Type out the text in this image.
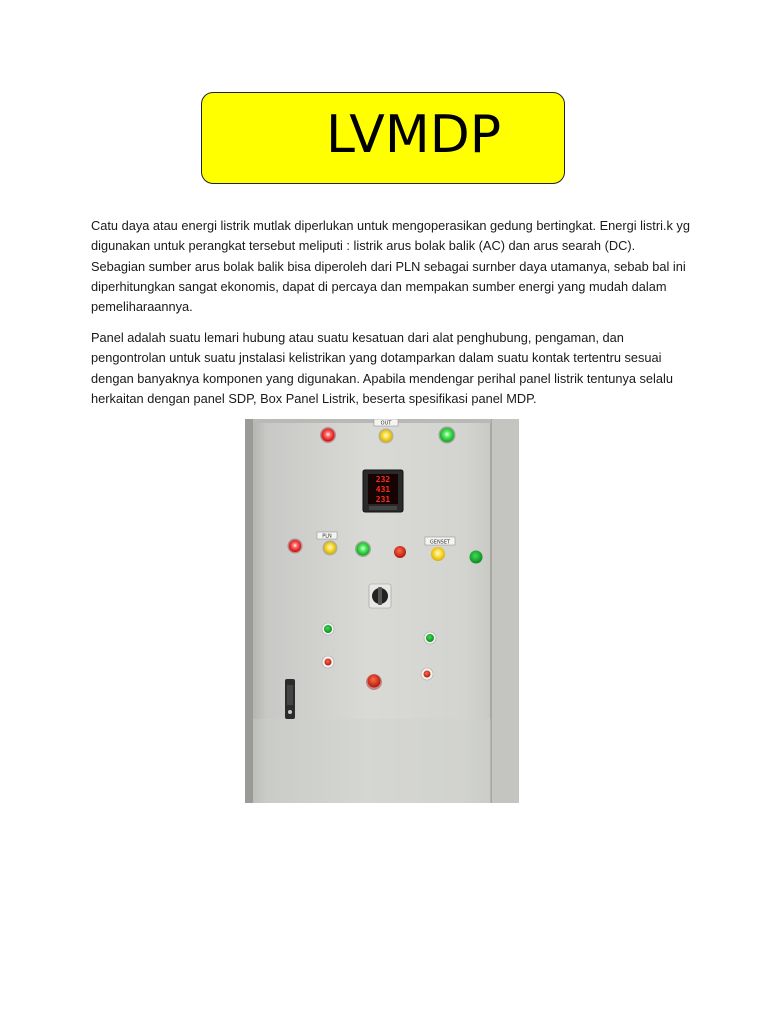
LVMDP

Catu daya atau energi listrik mutlak diperlukan untuk mengoperasikan gedung bertingkat. Energi listri.k yg digunakan untuk perangkat tersebut meliputi : listrik arus bolak balik (AC) dan arus searah (DC). Sebagian sumber arus bolak balik bisa diperoleh dari PLN sebagai surnber daya utamanya, sebab bal ini diperhitungkan sangat ekonomis, dapat di percaya dan mempakan sumber energi yang mudah dalam pemeliharaannya.

Panel adalah suatu lemari hubung atau suatu kesatuan dari alat penghubung, pengaman, dan pengontrolan untuk suatu jnstalasi kelistrikan yang dotamparkan dalam suatu kontak tertentru sesuai dengan banyaknya komponen yang digunakan. Apabila mendengar perihal panel listrik tentunya selalu herkaitan dengan panel SDP, Box Panel Listrik, beserta spesifikasi panel MDP.

OUT
232
431
231
PLN
GENSET
